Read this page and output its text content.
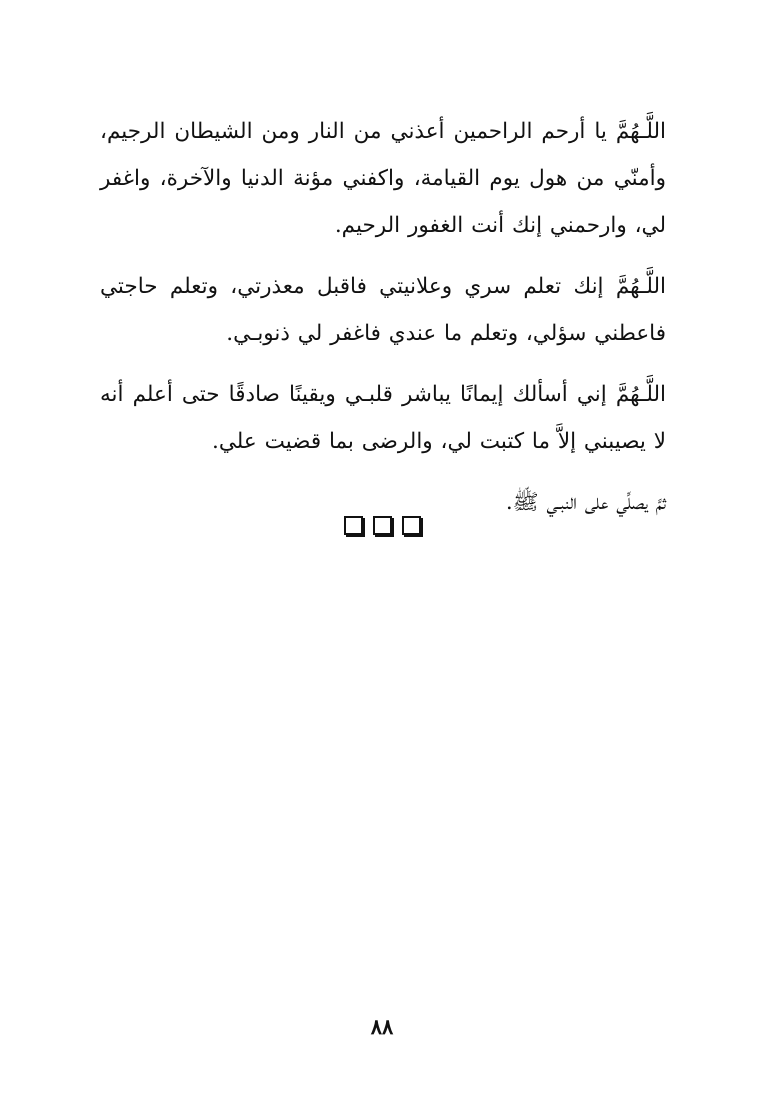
اللَّـهُمَّ يا أرحم الراحمين أعذني من النار ومن الشيطان الرجيم، وأمنّي من هول يوم القيامة، واكفني مؤنة الدنيا والآخرة، واغفر لي، وارحمني إنك أنت الغفور الرحيم.

اللَّـهُمَّ إنك تعلم سري وعلانيتي فاقبل معذرتي، وتعلم حاجتي فاعطني سؤلي، وتعلم ما عندي فاغفر لي ذنوبـي.

اللَّـهُمَّ إني أسألك إيمانًا يباشر قلبـي ويقينًا صادقًا حتى أعلم أنه لا يصيبني إلاَّ ما كتبت لي، والرضى بما قضيت علي.

ثمَّ يصلِّي على النبـي ﷺ.

٨٨
